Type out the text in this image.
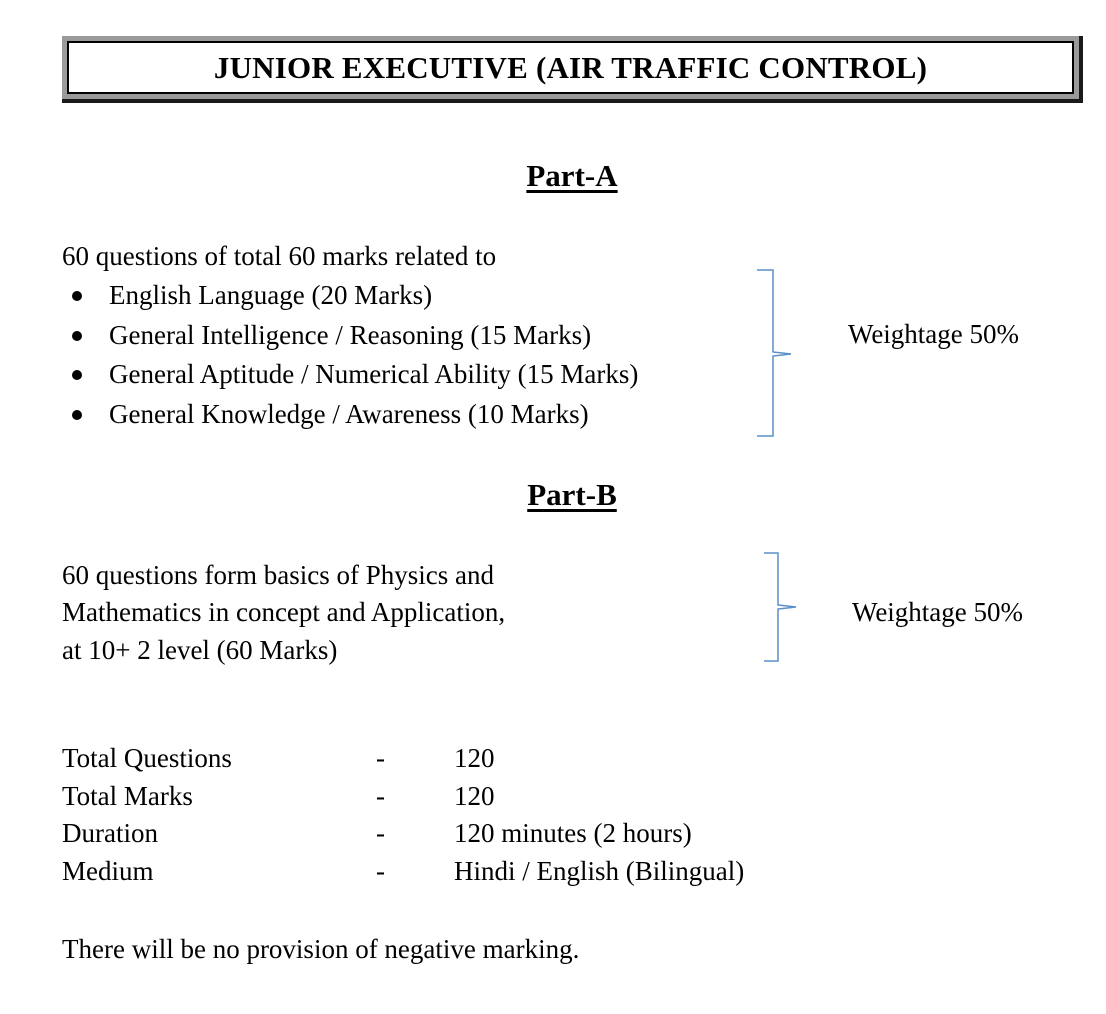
JUNIOR EXECUTIVE (AIR TRAFFIC CONTROL)
Part-A
60 questions of total 60 marks related to
English Language (20 Marks)
General Intelligence / Reasoning (15 Marks)
General Aptitude / Numerical Ability (15 Marks)
General Knowledge / Awareness (10 Marks)
Weightage 50%
Part-B
60 questions form basics of Physics and
Mathematics in concept and Application,
at 10+ 2 level (60 Marks)
Weightage 50%
Total Questions	-	120
Total Marks	-	120
Duration	-	120 minutes (2 hours)
Medium	-	Hindi / English (Bilingual)
There will be no provision of negative marking.
